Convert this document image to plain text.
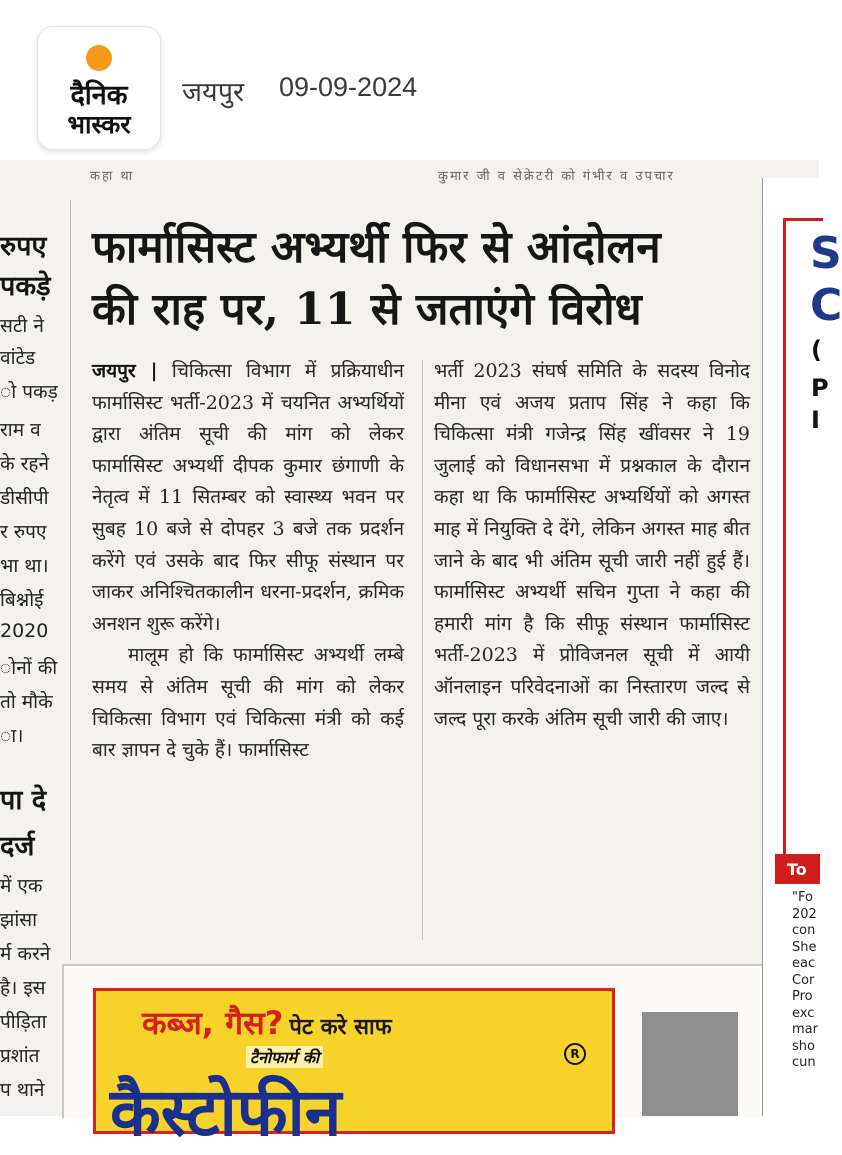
दैनिक
भास्कर
जयपुर 09-09-2024
कहा था	कुमार जी व सेक्रेटरी को गंभीर व उपचार
रुपए
पकड़े
सटी ने
वांटेड
ो पकड़
राम व
के रहने
डीसीपी
र रुपए
भा था।
बिश्नोई
2020
ोनों की
तो मौके
ा।
पा दे
दर्ज
में एक
झांसा
र्म करने
है। इस
पीड़िता
प्रशांत
प थाने
S
C
(
P
I
To
"Fo
202
con
She
eac
Cor
Pro
exc
mar
sho
cun
फार्मासिस्ट अभ्यर्थी फिर से आंदोलन
की राह पर, 11 से जताएंगे विरोध
जयपुर | चिकित्सा विभाग में प्रक्रियाधीन फार्मासिस्ट भर्ती-2023 में चयनित अभ्यर्थियों द्वारा अंतिम सूची की मांग को लेकर फार्मासिस्ट अभ्यर्थी दीपक कुमार छंगाणी के नेतृत्व में 11 सितम्बर को स्वास्थ्य भवन पर सुबह 10 बजे से दोपहर 3 बजे तक प्रदर्शन करेंगे एवं उसके बाद फिर सीफू संस्थान पर जाकर अनिश्चितकालीन धरना-प्रदर्शन, क्रमिक अनशन शुरू करेंगे।
मालूम हो कि फार्मासिस्ट अभ्यर्थी लम्बे समय से अंतिम सूची की मांग को लेकर चिकित्सा विभाग एवं चिकित्सा मंत्री को कई बार ज्ञापन दे चुके हैं। फार्मासिस्ट
भर्ती 2023 संघर्ष समिति के सदस्य विनोद मीना एवं अजय प्रताप सिंह ने कहा कि चिकित्सा मंत्री गजेन्द्र सिंह खींवसर ने 19 जुलाई को विधानसभा में प्रश्नकाल के दौरान कहा था कि फार्मासिस्ट अभ्यर्थियों को अगस्त माह में नियुक्ति दे देंगे, लेकिन अगस्त माह बीत जाने के बाद भी अंतिम सूची जारी नहीं हुई हैं। फार्मासिस्ट अभ्यर्थी सचिन गुप्ता ने कहा की हमारी मांग है कि सीफू संस्थान फार्मासिस्ट भर्ती-2023 में प्रोविजनल सूची में आयी ऑनलाइन परिवेदनाओं का निस्तारण जल्द से जल्द पूरा करके अंतिम सूची जारी की जाए।
कब्ज, गैस? पेट करे साफ
टैनोफार्म की	R
कैस्टोफीन
